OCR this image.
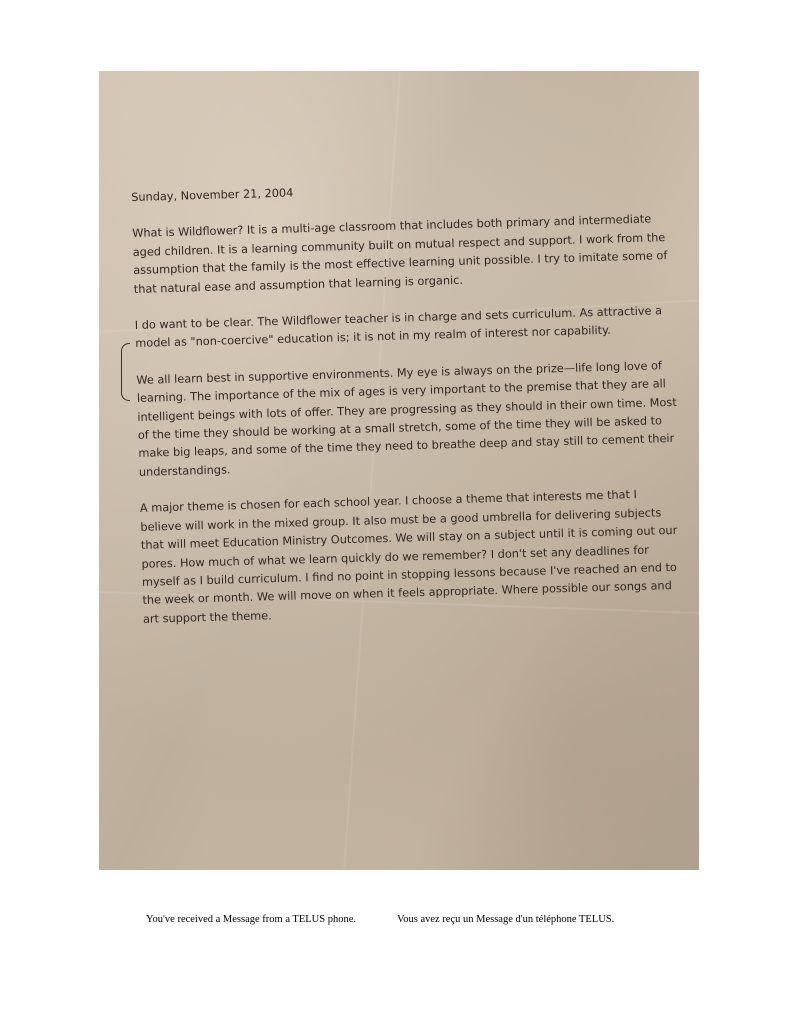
Sunday, November 21, 2004

What is Wildflower? It is a multi-age classroom that includes both primary and intermediate aged children. It is a learning community built on mutual respect and support. I work from the assumption that the family is the most effective learning unit possible. I try to imitate some of that natural ease and assumption that learning is organic.

I do want to be clear. The Wildflower teacher is in charge and sets curriculum. As attractive a model as "non-coercive" education is; it is not in my realm of interest nor capability.

We all learn best in supportive environments. My eye is always on the prize—life long love of learning. The importance of the mix of ages is very important to the premise that they are all intelligent beings with lots of offer. They are progressing as they should in their own time. Most of the time they should be working at a small stretch, some of the time they will be asked to make big leaps, and some of the time they need to breathe deep and stay still to cement their understandings.

A major theme is chosen for each school year. I choose a theme that interests me that I believe will work in the mixed group. It also must be a good umbrella for delivering subjects that will meet Education Ministry Outcomes. We will stay on a subject until it is coming out our pores. How much of what we learn quickly do we remember? I don't set any deadlines for myself as I build curriculum. I find no point in stopping lessons because I've reached an end to the week or month. We will move on when it feels appropriate. Where possible our songs and art support the theme.

You've received a Message from a TELUS phone.	Vous avez reçu un Message d'un téléphone TELUS.
